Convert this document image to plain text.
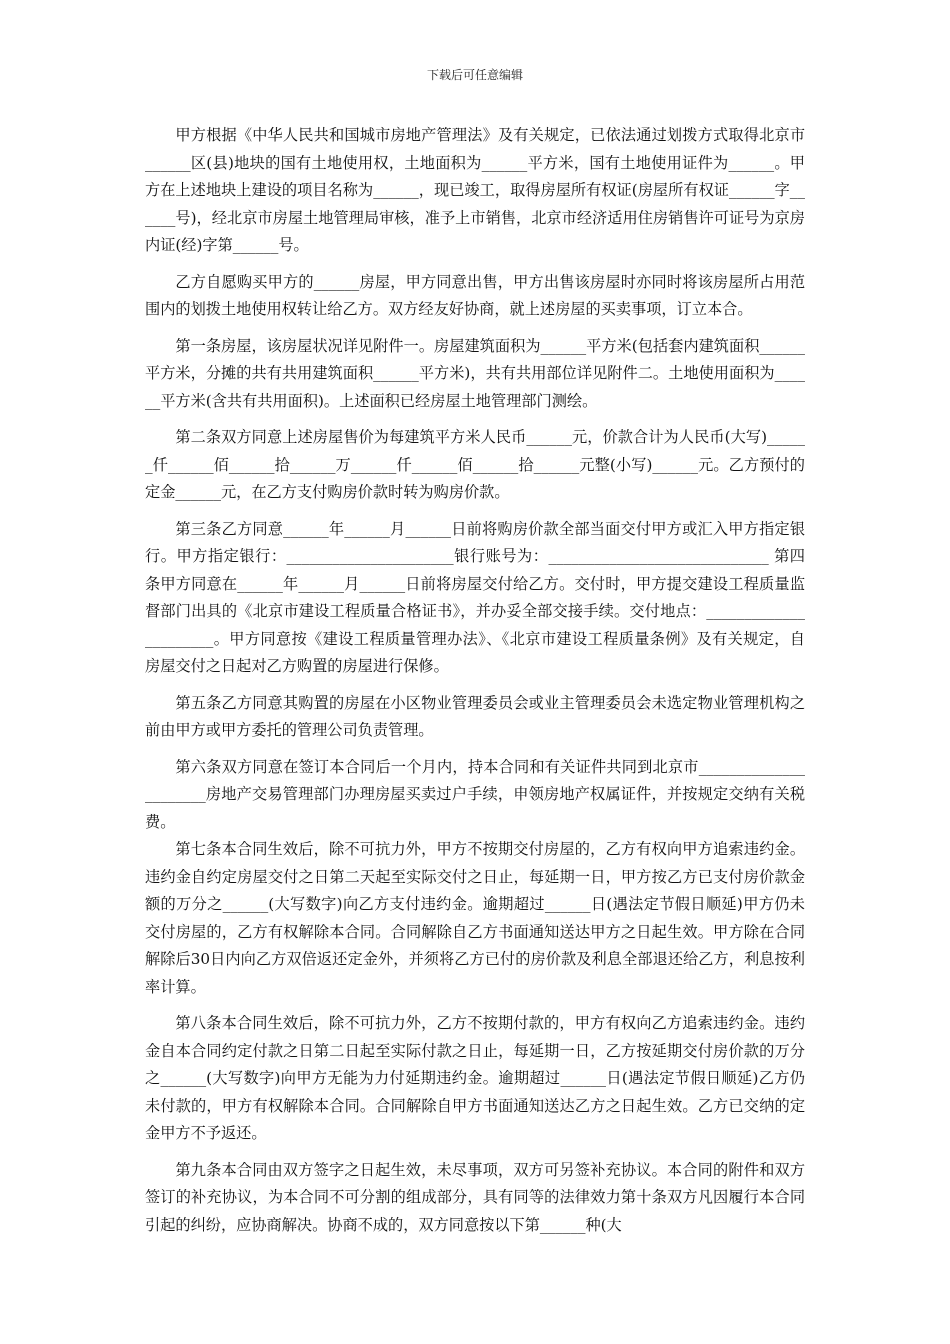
下载后可任意编辑

甲方根据《中华人民共和国城市房地产管理法》及有关规定，已依法通过划拨方式取得北京市______区(县)地块的国有土地使用权，土地面积为______平方米，国有土地使用证件为______。甲方在上述地块上建设的项目名称为______，现已竣工，取得房屋所有权证(房屋所有权证______字______号)，经北京市房屋土地管理局审核，准予上市销售，北京市经济适用住房销售许可证号为京房内证(经)字第______号。

乙方自愿购买甲方的______房屋，甲方同意出售，甲方出售该房屋时亦同时将该房屋所占用范围内的划拨土地使用权转让给乙方。双方经友好协商，就上述房屋的买卖事项，订立本合。

第一条房屋，该房屋状况详见附件一。房屋建筑面积为______平方米(包括套内建筑面积______平方米，分摊的共有共用建筑面积______平方米)，共有共用部位详见附件二。土地使用面积为______平方米(含共有共用面积)。上述面积已经房屋土地管理部门测绘。

第二条双方同意上述房屋售价为每建筑平方米人民币______元，价款合计为人民币(大写)______仟______佰______拾______万______仟______佰______拾______元整(小写)______元。乙方预付的定金______元，在乙方支付购房价款时转为购房价款。

第三条乙方同意______年______月______日前将购房价款全部当面交付甲方或汇入甲方指定银行。甲方指定银行：______________________银行账号为：_____________________________ 第四条甲方同意在______年______月______日前将房屋交付给乙方。交付时，甲方提交建设工程质量监督部门出具的《北京市建设工程质量合格证书》，并办妥全部交接手续。交付地点：______________________。甲方同意按《建设工程质量管理办法》、《北京市建设工程质量条例》及有关规定，自房屋交付之日起对乙方购置的房屋进行保修。

第五条乙方同意其购置的房屋在小区物业管理委员会或业主管理委员会未选定物业管理机构之前由甲方或甲方委托的管理公司负责管理。

第六条双方同意在签订本合同后一个月内，持本合同和有关证件共同到北京市______________________房地产交易管理部门办理房屋买卖过户手续，申领房地产权属证件，并按规定交纳有关税费。

第七条本合同生效后，除不可抗力外，甲方不按期交付房屋的，乙方有权向甲方追索违约金。违约金自约定房屋交付之日第二天起至实际交付之日止，每延期一日，甲方按乙方已支付房价款金额的万分之______(大写数字)向乙方支付违约金。逾期超过______日(遇法定节假日顺延)甲方仍未交付房屋的，乙方有权解除本合同。合同解除自乙方书面通知送达甲方之日起生效。甲方除在合同解除后30日内向乙方双倍返还定金外，并须将乙方已付的房价款及利息全部退还给乙方，利息按利率计算。

第八条本合同生效后，除不可抗力外，乙方不按期付款的，甲方有权向乙方追索违约金。违约金自本合同约定付款之日第二日起至实际付款之日止，每延期一日，乙方按延期交付房价款的万分之______(大写数字)向甲方无能为力付延期违约金。逾期超过______日(遇法定节假日顺延)乙方仍未付款的，甲方有权解除本合同。合同解除自甲方书面通知送达乙方之日起生效。乙方已交纳的定金甲方不予返还。

第九条本合同由双方签字之日起生效，未尽事项，双方可另签补充协议。本合同的附件和双方签订的补充协议，为本合同不可分割的组成部分，具有同等的法律效力第十条双方凡因履行本合同引起的纠纷，应协商解决。协商不成的，双方同意按以下第______种(大
